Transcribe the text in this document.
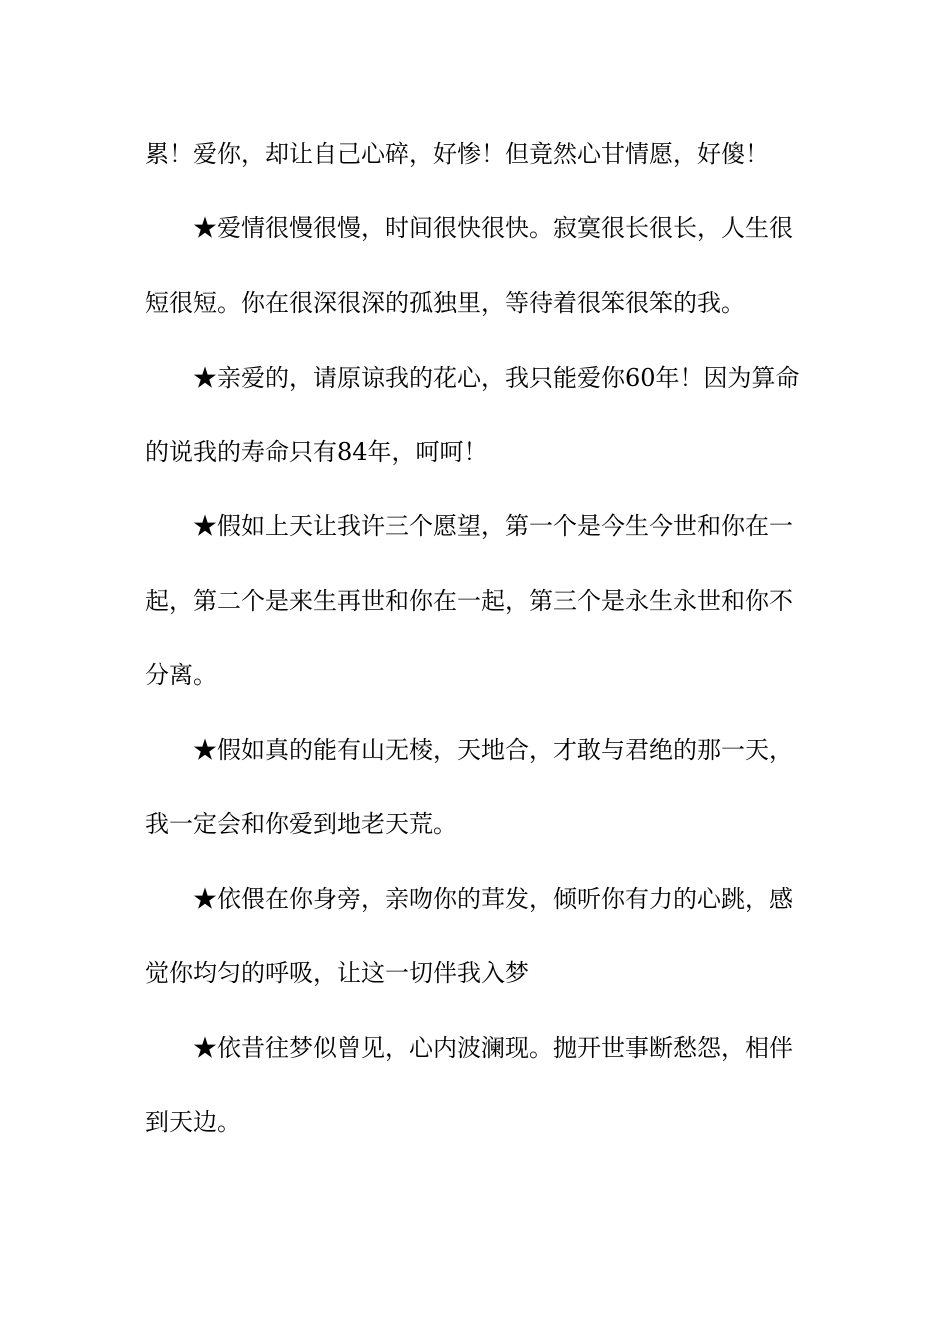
累！爱你，却让自己心碎，好惨！但竟然心甘情愿，好傻！
★爱情很慢很慢，时间很快很快。寂寞很长很长，人生很
短很短。你在很深很深的孤独里，等待着很笨很笨的我。
★亲爱的，请原谅我的花心，我只能爱你60年！因为算命
的说我的寿命只有84年，呵呵！
★假如上天让我许三个愿望，第一个是今生今世和你在一
起，第二个是来生再世和你在一起，第三个是永生永世和你不
分离。
★假如真的能有山无棱，天地合，才敢与君绝的那一天，
我一定会和你爱到地老天荒。
★依偎在你身旁，亲吻你的茸发，倾听你有力的心跳，感
觉你均匀的呼吸，让这一切伴我入梦
★依昔往梦似曾见，心内波澜现。抛开世事断愁怨，相伴
到天边。
